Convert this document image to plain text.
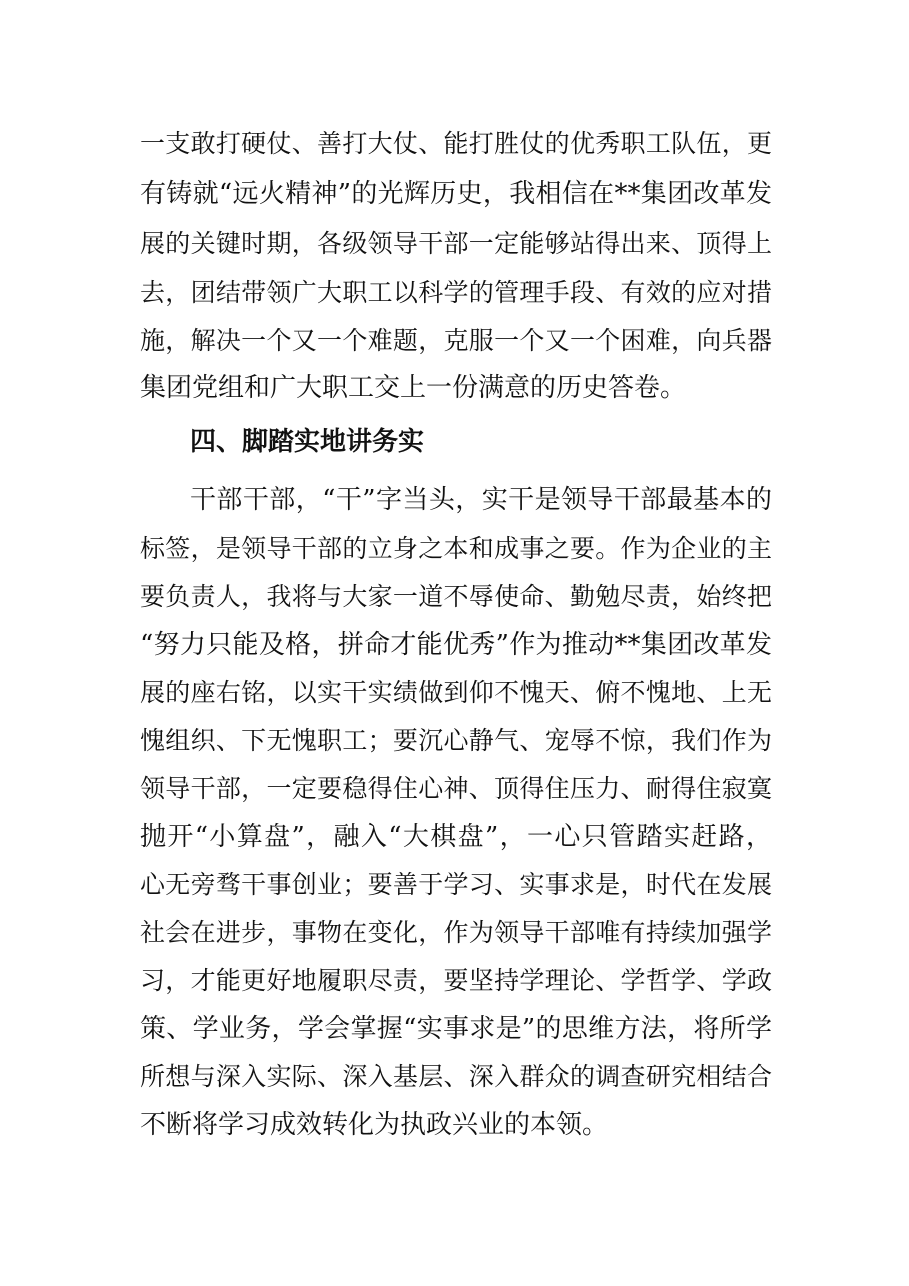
一支敢打硬仗、善打大仗、能打胜仗的优秀职工队伍，更
有铸就“远火精神”的光辉历史，我相信在**集团改革发
展的关键时期，各级领导干部一定能够站得出来、顶得上
去，团结带领广大职工以科学的管理手段、有效的应对措
施，解决一个又一个难题，克服一个又一个困难，向兵器
集团党组和广大职工交上一份满意的历史答卷。
四、脚踏实地讲务实
干部干部，“干”字当头，实干是领导干部最基本的
标签，是领导干部的立身之本和成事之要。作为企业的主
要负责人，我将与大家一道不辱使命、勤勉尽责，始终把
“努力只能及格，拼命才能优秀”作为推动**集团改革发
展的座右铭，以实干实绩做到仰不愧天、俯不愧地、上无
愧组织、下无愧职工；要沉心静气、宠辱不惊，我们作为
领导干部，一定要稳得住心神、顶得住压力、耐得住寂寞
抛开“小算盘”，融入“大棋盘”，一心只管踏实赶路，
心无旁骛干事创业；要善于学习、实事求是，时代在发展
社会在进步，事物在变化，作为领导干部唯有持续加强学
习，才能更好地履职尽责，要坚持学理论、学哲学、学政
策、学业务，学会掌握“实事求是”的思维方法，将所学
所想与深入实际、深入基层、深入群众的调查研究相结合
不断将学习成效转化为执政兴业的本领。
